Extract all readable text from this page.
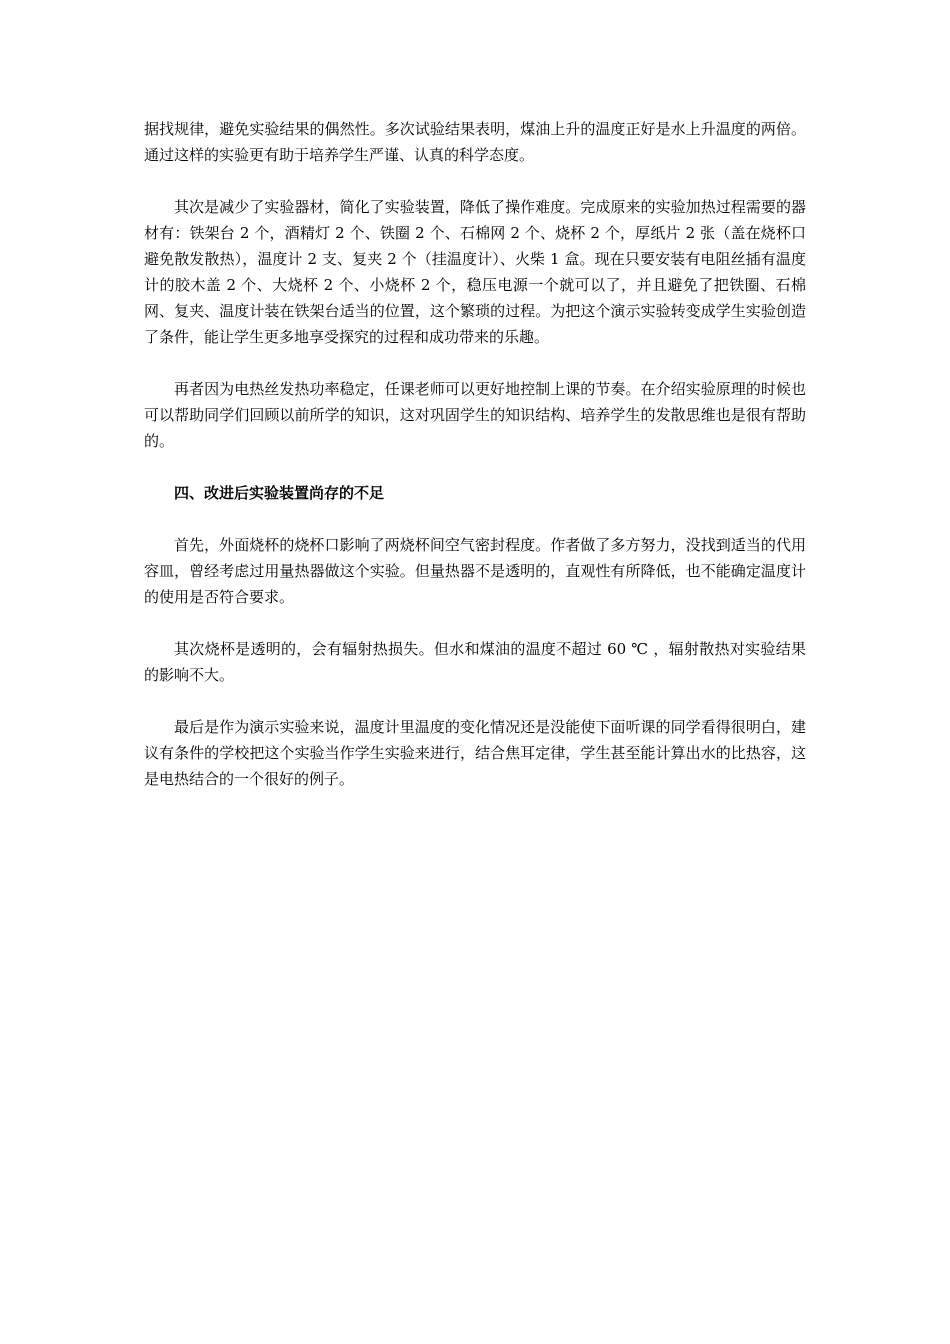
据找规律，避免实验结果的偶然性。多次试验结果表明，煤油上升的温度正好是水上升温度的两倍。通过这样的实验更有助于培养学生严谨、认真的科学态度。

其次是减少了实验器材，简化了实验装置，降低了操作难度。完成原来的实验加热过程需要的器材有：铁架台 2 个，酒精灯 2 个、铁圈 2 个、石棉网 2 个、烧杯 2 个，厚纸片 2 张（盖在烧杯口避免散发散热），温度计 2 支、复夹 2 个（挂温度计）、火柴 1 盒。现在只要安装有电阻丝插有温度计的胶木盖 2 个、大烧杯 2 个、小烧杯 2 个，稳压电源一个就可以了，并且避免了把铁圈、石棉网、复夹、温度计装在铁架台适当的位置，这个繁琐的过程。为把这个演示实验转变成学生实验创造了条件，能让学生更多地享受探究的过程和成功带来的乐趣。

再者因为电热丝发热功率稳定，任课老师可以更好地控制上课的节奏。在介绍实验原理的时候也可以帮助同学们回顾以前所学的知识，这对巩固学生的知识结构、培养学生的发散思维也是很有帮助的。

四、改进后实验装置尚存的不足

首先，外面烧杯的烧杯口影响了两烧杯间空气密封程度。作者做了多方努力，没找到适当的代用容皿，曾经考虑过用量热器做这个实验。但量热器不是透明的，直观性有所降低，也不能确定温度计的使用是否符合要求。

其次烧杯是透明的，会有辐射热损失。但水和煤油的温度不超过 60 ℃ ，辐射散热对实验结果的影响不大。

最后是作为演示实验来说，温度计里温度的变化情况还是没能使下面听课的同学看得很明白，建议有条件的学校把这个实验当作学生实验来进行，结合焦耳定律，学生甚至能计算出水的比热容，这是电热结合的一个很好的例子。
